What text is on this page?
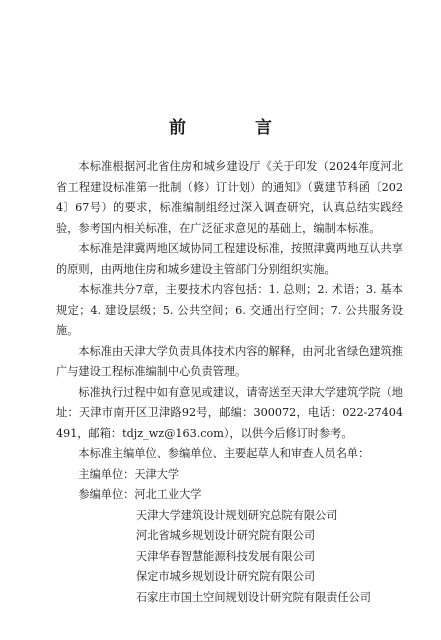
前　言

本标准根据河北省住房和城乡建设厅《关于印发（2024年度河北省工程建设标准第一批制（修）订计划）的通知》（冀建节科函〔2024〕67号）的要求，标准编制组经过深入调查研究，认真总结实践经验，参考国内相关标准，在广泛征求意见的基础上，编制本标准。

本标准是津冀两地区域协同工程建设标准，按照津冀两地互认共享的原则，由两地住房和城乡建设主管部门分别组织实施。

本标准共分7章，主要技术内容包括：1. 总则；2. 术语；3. 基本规定；4. 建设层级；5. 公共空间；6. 交通出行空间；7. 公共服务设施。

本标准由天津大学负责具体技术内容的解释，由河北省绿色建筑推广与建设工程标准编制中心负责管理。

标准执行过程中如有意见或建议，请寄送至天津大学建筑学院（地址：天津市南开区卫津路92号，邮编：300072，电话：022-27404491，邮箱：tdjz_wz@163.com），以供今后修订时参考。

本标准主编单位、参编单位、主要起草人和审查人员名单：

主编单位：天津大学

参编单位：河北工业大学

天津大学建筑设计规划研究总院有限公司

河北省城乡规划设计研究院有限公司

天津华春智慧能源科技发展有限公司

保定市城乡规划设计研究院有限公司

石家庄市国土空间规划设计研究院有限责任公司
